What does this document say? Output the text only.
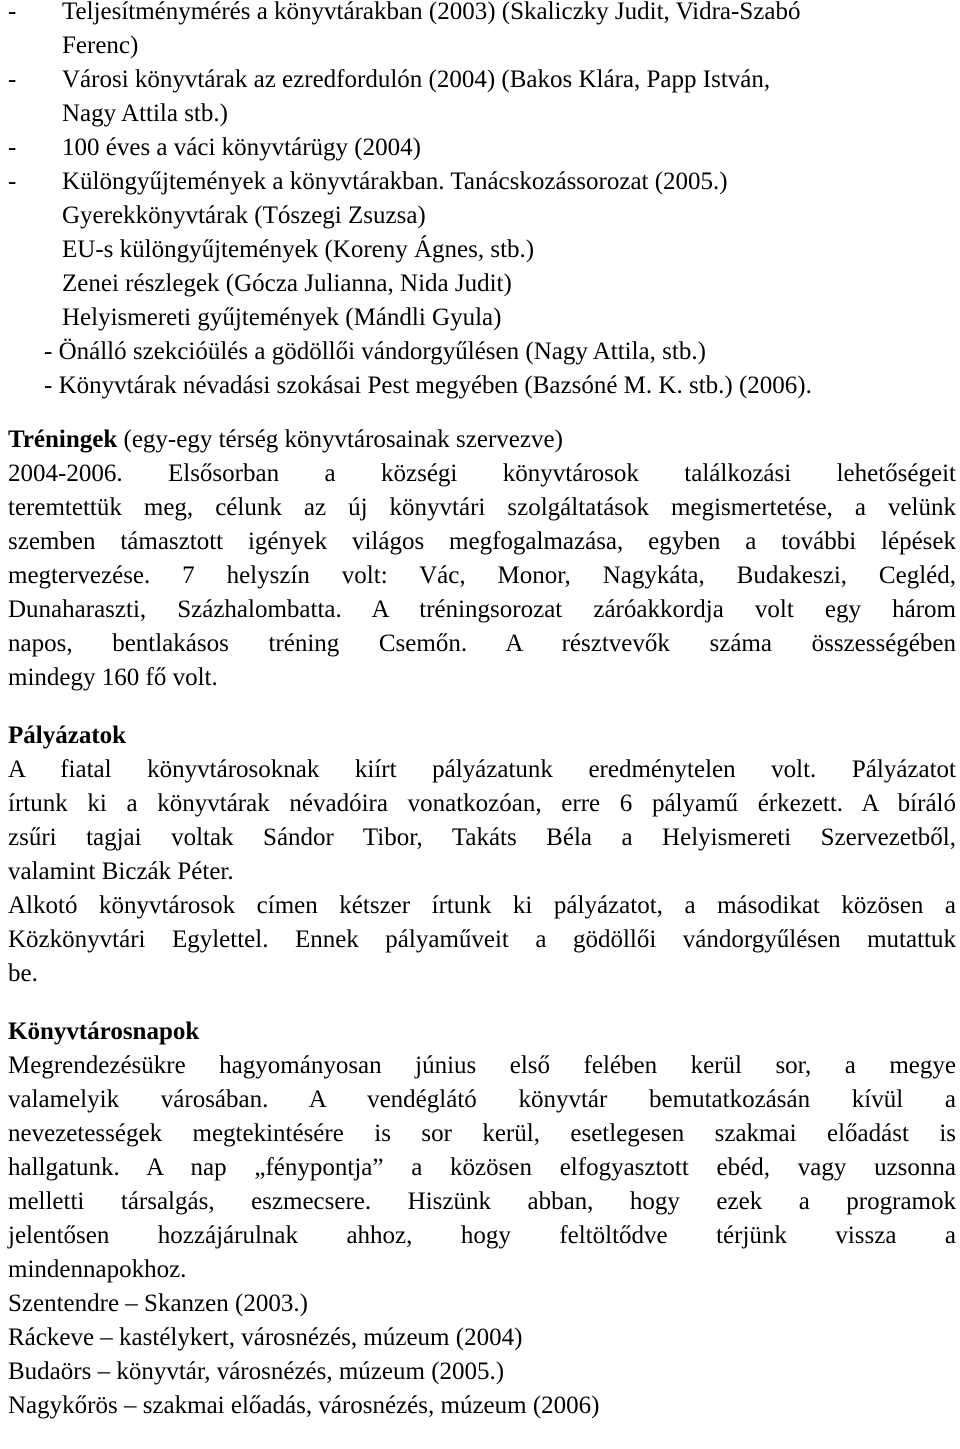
- Teljesítménymérés a könyvtárakban (2003) (Skaliczky Judit, Vidra-Szabó
Ferenc)
- Városi könyvtárak az ezredfordulón (2004) (Bakos Klára, Papp István,
Nagy Attila stb.)
- 100 éves a váci könyvtárügy (2004)
- Különgyűjtemények a könyvtárakban. Tanácskozássorozat (2005.)
Gyerekkönyvtárak (Tószegi Zsuzsa)
EU-s különgyűjtemények (Koreny Ágnes, stb.)
Zenei részlegek (Gócza Julianna, Nida Judit)
Helyismereti gyűjtemények (Mándli Gyula)
- Önálló szekcióülés a gödöllői vándorgyűlésen (Nagy Attila, stb.)
- Könyvtárak névadási szokásai Pest megyében (Bazsóné M. K. stb.) (2006).
Tréningek (egy-egy térség könyvtárosainak szervezve)
2004-2006. Elsősorban a községi könyvtárosok találkozási lehetőségeit
teremtettük meg, célunk az új könyvtári szolgáltatások megismertetése, a velünk
szemben támasztott igények világos megfogalmazása, egyben a további lépések
megtervezése. 7 helyszín volt: Vác, Monor, Nagykáta, Budakeszi, Cegléd,
Dunaharaszti, Százhalombatta. A tréningsorozat záróakkordja volt egy három
napos, bentlakásos tréning Csemőn. A résztvevők száma összességében
mindegy 160 fő volt.
Pályázatok
A fiatal könyvtárosoknak kiírt pályázatunk eredménytelen volt. Pályázatot
írtunk ki a könyvtárak névadóira vonatkozóan, erre 6 pályamű érkezett. A bíráló
zsűri tagjai voltak Sándor Tibor, Takáts Béla a Helyismereti Szervezetből,
valamint Biczák Péter.
Alkotó könyvtárosok címen kétszer írtunk ki pályázatot, a másodikat közösen a
Közkönyvtári Egylettel. Ennek pályaműveit a gödöllői vándorgyűlésen mutattuk
be.
Könyvtárosnapok
Megrendezésükre hagyományosan június első felében kerül sor, a megye
valamelyik városában. A vendéglátó könyvtár bemutatkozásán kívül a
nevezetességek megtekintésére is sor kerül, esetlegesen szakmai előadást is
hallgatunk. A nap „fénypontja” a közösen elfogyasztott ebéd, vagy uzsonna
melletti társalgás, eszmecsere. Hiszünk abban, hogy ezek a programok
jelentősen hozzájárulnak ahhoz, hogy feltöltődve térjünk vissza a
mindennapokhoz.
Szentendre – Skanzen (2003.)
Ráckeve – kastélykert, városnézés, múzeum (2004)
Budaörs – könyvtár, városnézés, múzeum (2005.)
Nagykőrös – szakmai előadás, városnézés, múzeum (2006)
